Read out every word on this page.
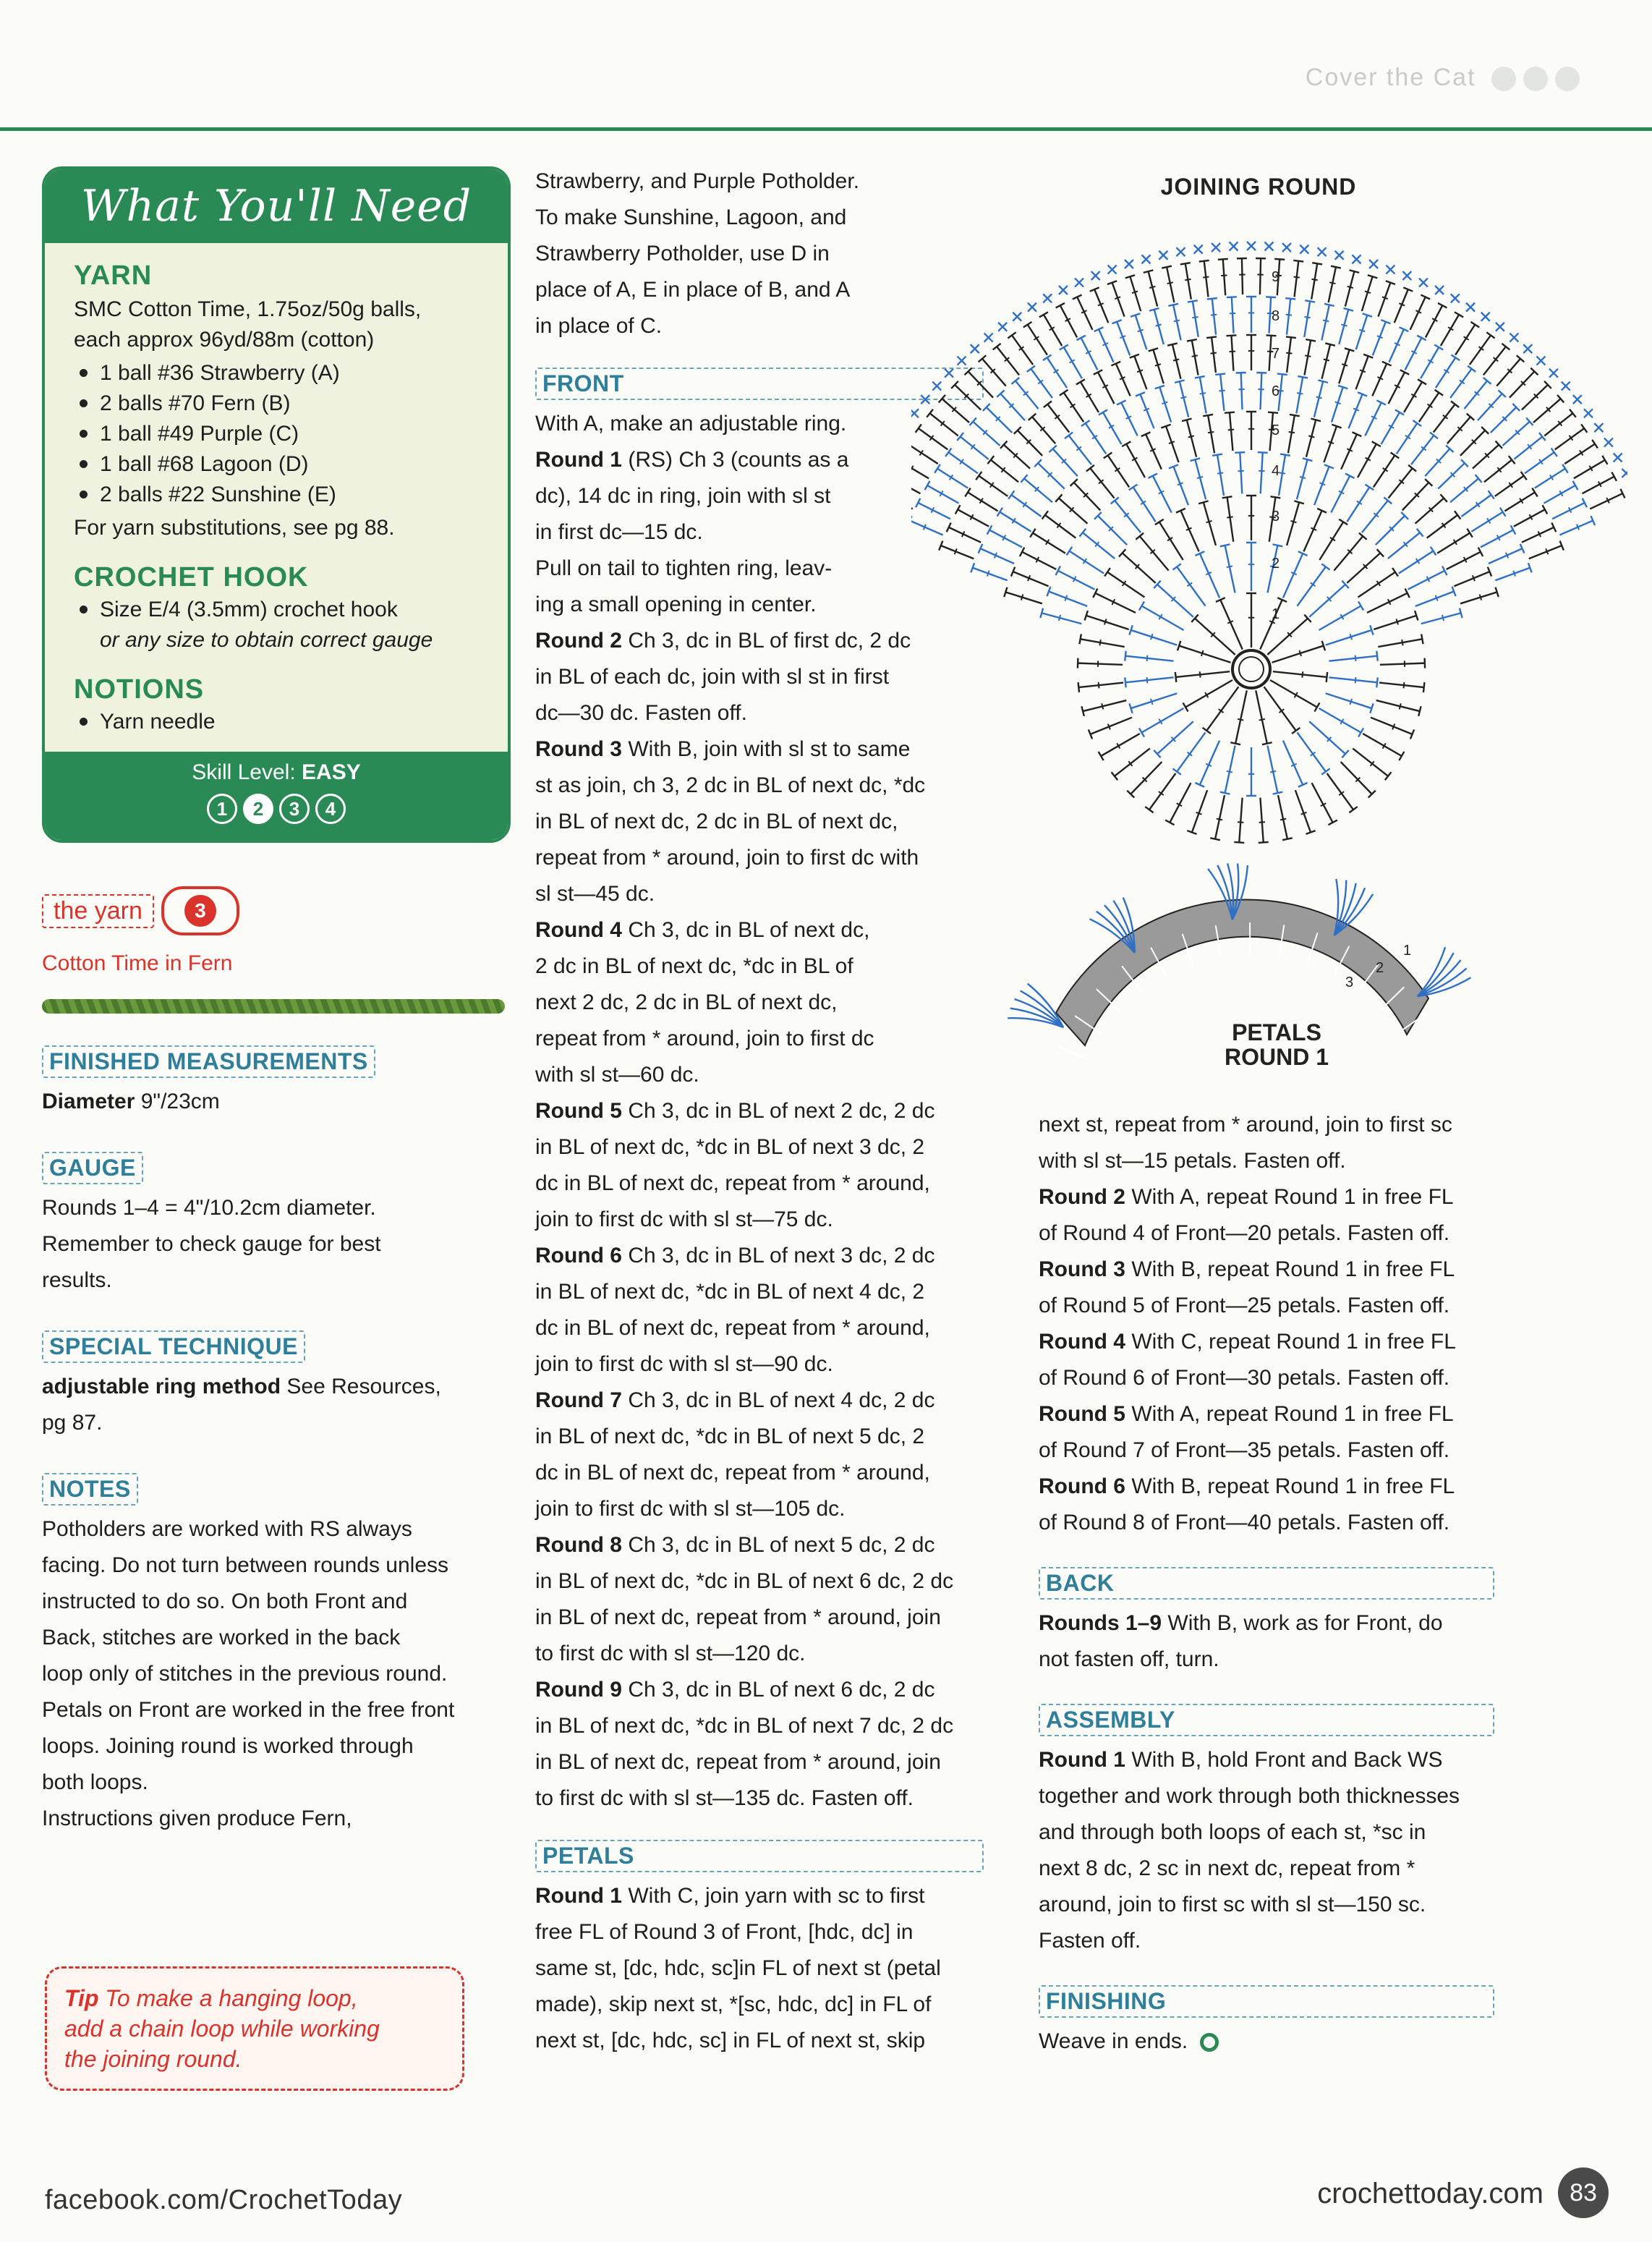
Cover the Cat
What You'll Need
YARN

SMC Cotton Time, 1.75oz/50g balls,

each approx 96yd/88m (cotton)

1 ball #36 Strawberry (A)
2 balls #70 Fern (B)
1 ball #49 Purple (C)
1 ball #68 Lagoon (D)
2 balls #22 Sunshine (E)

For yarn substitutions, see pg 88.

CROCHET HOOK
Size E/4 (3.5mm) crochet hook
or any size to obtain correct gauge
NOTIONS
Yarn needle
Skill Level: EASY
1	2	3	4
the yarn	3
Cotton Time in Fern
FINISHED MEASUREMENTS

Diameter 9"/23cm

GAUGE

Rounds 1–4 = 4"/10.2cm diameter.
Remember to check gauge for best
results.

SPECIAL TECHNIQUE

adjustable ring method See Resources,
pg 87.

NOTES

Potholders are worked with RS always
facing. Do not turn between rounds unless
instructed to do so. On both Front and
Back, stitches are worked in the back
loop only of stitches in the previous round.
Petals on Front are worked in the free front
loops. Joining round is worked through
both loops.
Instructions given produce Fern,

Tip To make a hanging loop,
add a chain loop while working
the joining round.

Strawberry, and Purple Potholder.
To make Sunshine, Lagoon, and
Strawberry Potholder, use D in
place of A, E in place of B, and A
in place of C.

FRONT

With A, make an adjustable ring.
Round 1 (RS) Ch 3 (counts as a
dc), 14 dc in ring, join with sl st
in first dc—15 dc.
Pull on tail to tighten ring, leav-
ing a small opening in center.
Round 2 Ch 3, dc in BL of first dc, 2 dc
in BL of each dc, join with sl st in first
dc—30 dc. Fasten off.
Round 3 With B, join with sl st to same
st as join, ch 3, 2 dc in BL of next dc, *dc
in BL of next dc, 2 dc in BL of next dc,
repeat from * around, join to first dc with
sl st—45 dc.
Round 4 Ch 3, dc in BL of next dc,
2 dc in BL of next dc, *dc in BL of
next 2 dc, 2 dc in BL of next dc,
repeat from * around, join to first dc
with sl st—60 dc.
Round 5 Ch 3, dc in BL of next 2 dc, 2 dc
in BL of next dc, *dc in BL of next 3 dc, 2
dc in BL of next dc, repeat from * around,
join to first dc with sl st—75 dc.
Round 6 Ch 3, dc in BL of next 3 dc, 2 dc
in BL of next dc, *dc in BL of next 4 dc, 2
dc in BL of next dc, repeat from * around,
join to first dc with sl st—90 dc.
Round 7 Ch 3, dc in BL of next 4 dc, 2 dc
in BL of next dc, *dc in BL of next 5 dc, 2
dc in BL of next dc, repeat from * around,
join to first dc with sl st—105 dc.
Round 8 Ch 3, dc in BL of next 5 dc, 2 dc
in BL of next dc, *dc in BL of next 6 dc, 2 dc
in BL of next dc, repeat from * around, join
to first dc with sl st—120 dc.
Round 9 Ch 3, dc in BL of next 6 dc, 2 dc
in BL of next dc, *dc in BL of next 7 dc, 2 dc
in BL of next dc, repeat from * around, join
to first dc with sl st—135 dc. Fasten off.

PETALS

Round 1 With C, join yarn with sc to first
free FL of Round 3 of Front, [hdc, dc] in
same st, [dc, hdc, sc]in FL of next st (petal
made), skip next st, *[sc, hdc, dc] in FL of
next st, [dc, hdc, sc] in FL of next st, skip

1
2
3
4
5
6
7
8
9
1
2
3
JOINING ROUND
PETALS
ROUND 1

next st, repeat from * around, join to first sc
with sl st—15 petals. Fasten off.
Round 2 With A, repeat Round 1 in free FL
of Round 4 of Front—20 petals. Fasten off.
Round 3 With B, repeat Round 1 in free FL
of Round 5 of Front—25 petals. Fasten off.
Round 4 With C, repeat Round 1 in free FL
of Round 6 of Front—30 petals. Fasten off.
Round 5 With A, repeat Round 1 in free FL
of Round 7 of Front—35 petals. Fasten off.
Round 6 With B, repeat Round 1 in free FL
of Round 8 of Front—40 petals. Fasten off.

BACK

Rounds 1–9 With B, work as for Front, do
not fasten off, turn.

ASSEMBLY

Round 1 With B, hold Front and Back WS
together and work through both thicknesses
and through both loops of each st, *sc in
next 8 dc, 2 sc in next dc, repeat from *
around, join to first sc with sl st—150 sc.
Fasten off.

FINISHING

Weave in ends.

facebook.com/CrochetToday	crochettoday.com	83
